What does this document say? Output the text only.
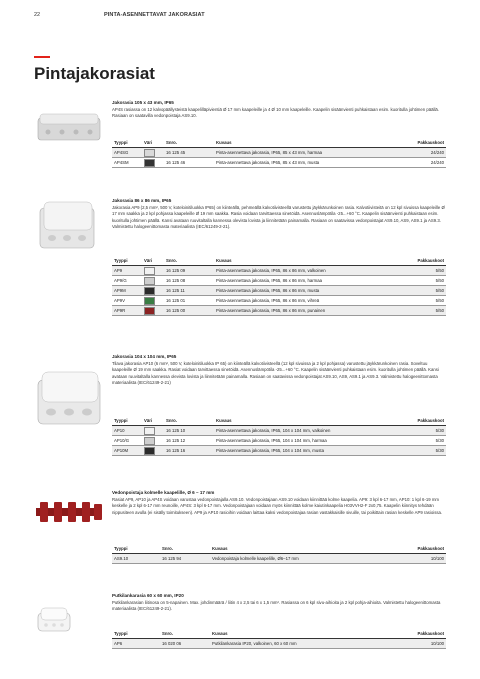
22	PINTA-ASENNETTAVAT JAKORASIAT
Pintajakorasiat
Jakorasia 105 x 43 mm, IP65
AP4S rasiassa on 12 kalvopäällysteistä kaapelilläpivientiä Ø 17 mm kaapeleille ja 4 Ø 10 mm kaapeleille. Kaapelin sisäänvienti puhkaistaan esim. kuoritulla johtimen päällä. Rasiaan on saatavilla vedonpoistaja AS9.10.
Tyyppi	Väri	Snro.	Kuvaus	Pakkauskoot
AP4SG		16 125 45	Pinta-asennettava jakorasia, IP65, 85 x 43 mm, harmaa	24/240
AP4SM		16 125 46	Pinta-asennettava jakorasia, IP65, 85 x 43 mm, musta	24/240
Jakorasia 86 x 86 mm, IP65
Jakorasia AP9 (2,5 mm², 500 V, koteloinitiluokka IP65) on kiinteällä, pehmeällä kalvotiivisteellä varustettu jäykkärunkoinen rasia. Kalvotiivisteitä on 12 kpl sivuissa kaapeleille Ø 17 mm saakka ja 2 kpl pohjassa kaapeleille Ø 19 mm saakka. Rasia voidaan tarvittaessa sinetöidä. Asennuslämpötila -25...+60 °C. Kaapelin sisäänvienti puhkaistaan esim. kuoritulla johtimen päällä. Kansi avataan ruuvitaltalla kannessa olevista lovista ja liinnitetään painamalla. Rasiaan on saatavissa vedonpoistajat AS9.10, AS9, AS9.1 ja AS9.3. Valmistettu halogeenittomasta materiaalista (IEC/61249-2-21).
Tyyppi	Väri	Snro.	Kuvaus	Pakkauskoot
AP9		16 125 09	Pinta-asennettava jakorasia, IP65, 86 x 86 mm, valkoinen	5/50
AP9/G		16 125 08	Pinta-asennettava jakorasia, IP65, 86 x 86 mm, harmaa	5/50
AP9M		16 125 11	Pinta-asennettava jakorasia, IP65, 86 x 86 mm, musta	5/50
AP9V		16 125 01	Pinta-asennettava jakorasia, IP65, 86 x 86 mm, vihreä	5/50
AP9R		16 125 00	Pinta-asennettava jakorasia, IP65, 86 x 86 mm, punainen	5/50
Jakorasia 104 x 104 mm, IP65
Tilava jakorasia AP10 (6 mm², 500 V, koteloinitiluokka IP 65) on kiinteällä kalvotiivisteellä (12 kpl sivuissa ja 2 kpl pohjassa) varustettu jäykkärunkoinen rasia. Soveltuu kaapeleille Ø 19 mm saakka. Rasiat voidaan tarvittaessa sinetöidä. Asennuslämpötila -25...+60 °C. Kaapelin sisäänvienti puhkaistaan esim. kuoritulla johtimen päällä. Kansi avataan ruuvitaltalla kannessa olevista lovista ja liinnitetään painamalla. Rasiaan on saatavissa vedonpoistajat AS9.10, AS9, AS9.1 ja AS9.3. Valmistettu halogeenittomasta materiaalista (IEC/61249-2-21)
Tyyppi	Väri	Snro.	Kuvaus	Pakkauskoot
AP10		16 125 10	Pinta-asennettava jakorasia, IP65, 104 x 104 mm, valkoinen	5/30
AP10/G		16 125 12	Pinta-asennettava jakorasia, IP65, 104 x 104 mm, harmaa	5/30
AP10M		16 125 16	Pinta-asennettava jakorasia, IP65, 104 x 104 mm, musta	5/30
Vedonpoistaja kolmelle kaapelille, Ø 6 – 17 mm
Rasiat AP9, AP10 ja AP4S voidaan varustaa vedonpoistajalla AS9.10. Vedonpoistajaan AS9.10 voidaan kiinnittää kolme kaapelia. AP9: 3 kpl 6-17 mm, AP10: 1 kpl 6-19 mm keskelle ja 2 kpl 6-17 mm reunoille, AP4S: 3 kpl 6-17 mm. Vedonpoistajaan voidaan myös kiinnittää kolme kaiutinkaapelia H03VVH2-F 2x0,75. Kaapelin kiinnitys tehdään nippusiteen avulla (ei sisälly toimitukseen). AP9 ja AP10 rasioihin voidaan laittaa kaksi vedonpoistajaa rasian vastakkaisille sivuille, tai poikittain rasian keskelle AP9 rasioissa.
Tyyppi	Snro.	Kuvaus	Pakkauskoot
AS9.10	16 125 94	Vedonpoistaja kolmelle kaapelille, Ø6–17 mm	10/100
Putkilankarasia 60 x 60 mm, IP20
Putkilankarasian liitinosa on 5-napainen. Max. johdinmäärä / liitin 4 x 2,5 tai 6 x 1,5 mm². Rasiassa on 6 kpl sivu-aihioita ja 2 kpl pohja-aihioita. Valmistettu halogeenittomasta materiaalista (IEC/61249-2-21).
Tyyppi	Snro.	Kuvaus	Pakkauskoot
AP6	16 020 06	Putkilankarasia IP20, valkoinen, 60 x 60 mm	10/100
